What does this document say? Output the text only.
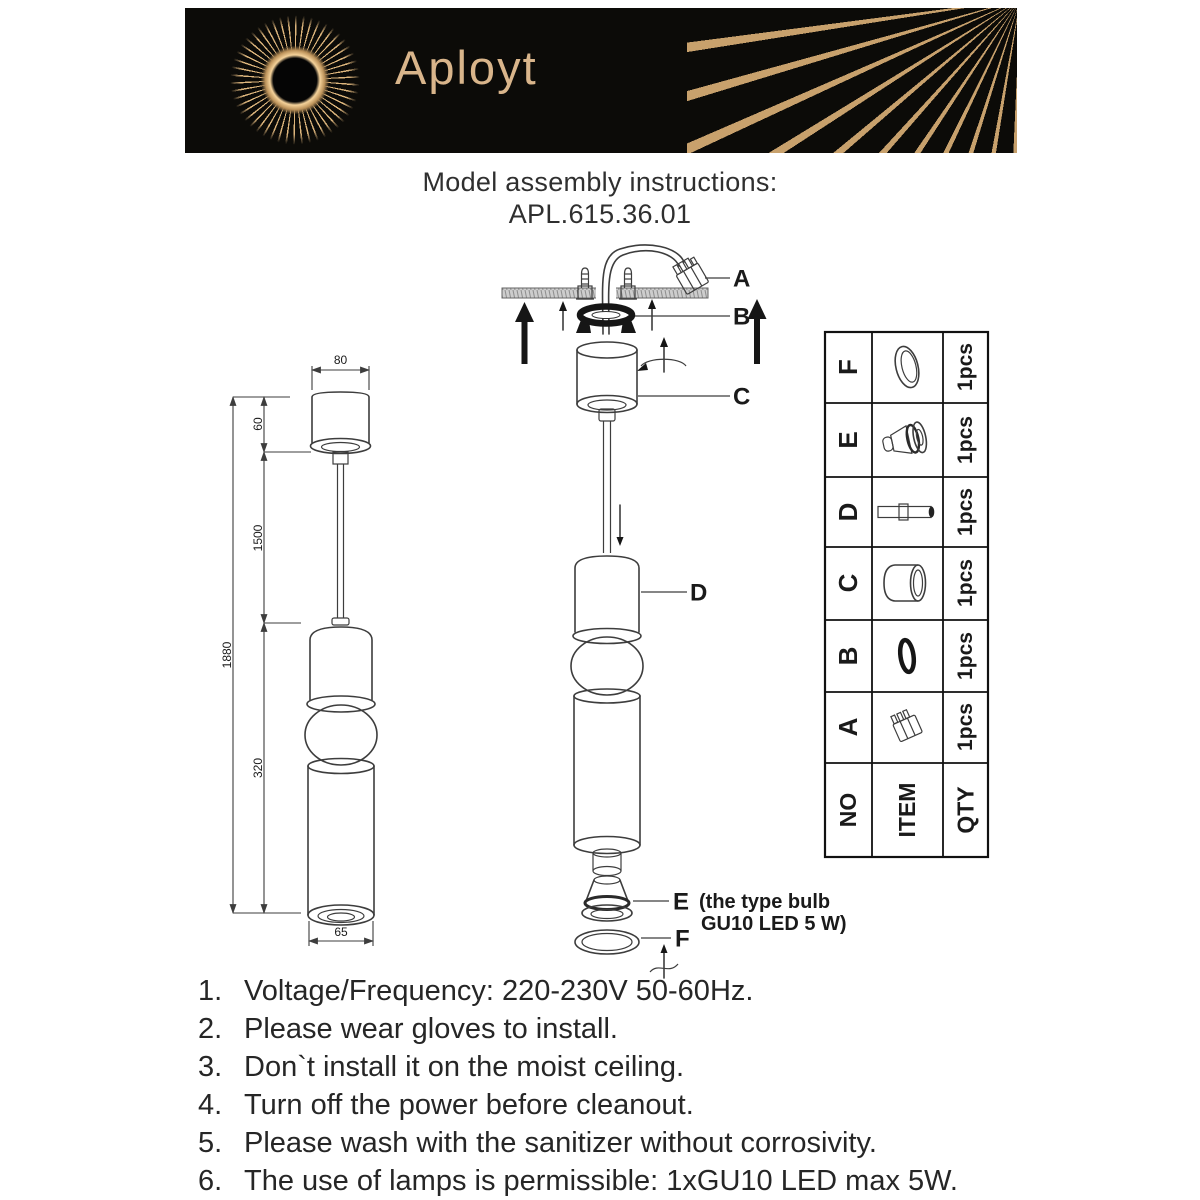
Aployt
Model assembly instructions:
APL.615.36.01
80
60
1500
1880
320
65
A
B
C
D
E
F
(the type bulb
GU10 LED 5 W)
F
E
D
C
B
A
1pcs
1pcs
1pcs
1pcs
1pcs
1pcs
NO ITEM QTY
1. Voltage/Frequency: 220-230V 50-60Hz.
2. Please wear gloves to install.
3. Don`t install it on the moist ceiling.
4. Turn off the power before cleanout.
5. Please wash with the sanitizer without corrosivity.
6. The use of lamps is permissible: 1xGU10 LED max 5W.
